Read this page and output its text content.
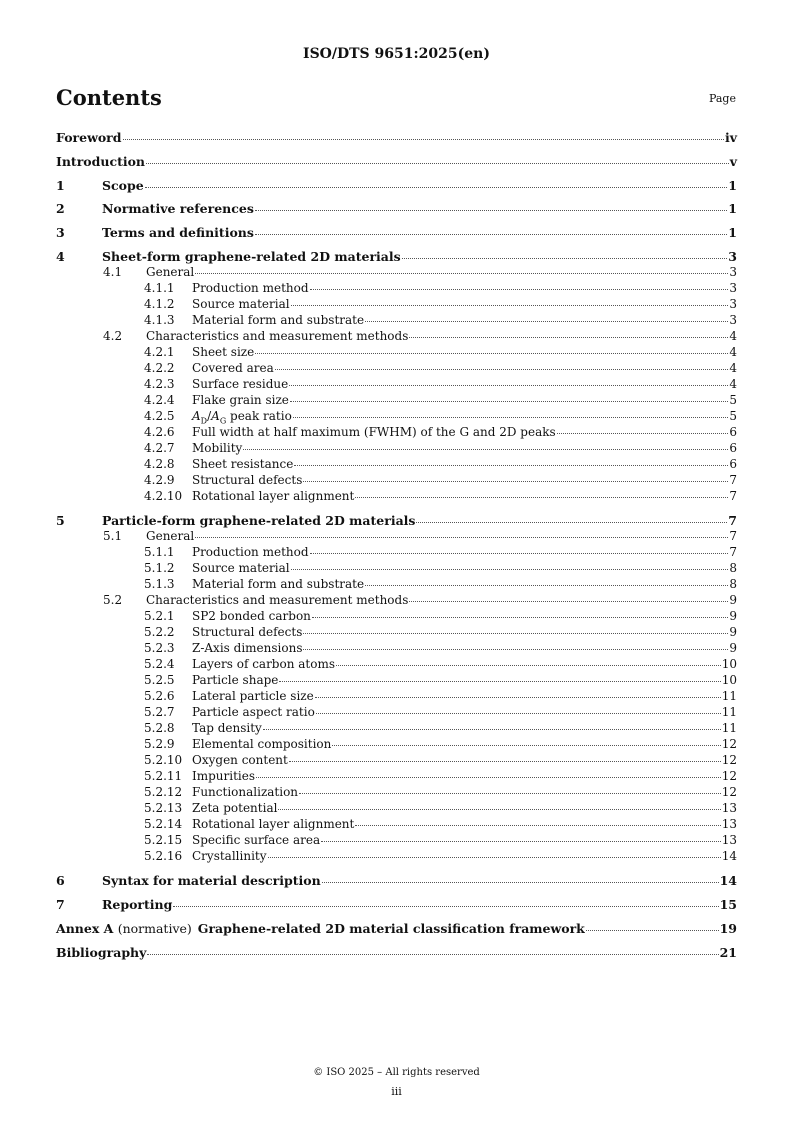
ISO/DTS 9651:2025(en)
Contents	Page
Foreword	iv
Introduction	v
1	Scope	1
2	Normative references	1
3	Terms and definitions	1
4	Sheet-form graphene-related 2D materials	3
4.1	General	3
4.1.1	Production method	3
4.1.2	Source material	3
4.1.3	Material form and substrate	3
4.2	Characteristics and measurement methods	4
4.2.1	Sheet size	4
4.2.2	Covered area	4
4.2.3	Surface residue	4
4.2.4	Flake grain size	5
4.2.5	$A_D/A_G$ peak ratio	5
4.2.6	Full width at half maximum (FWHM) of the G and 2D peaks	6
4.2.7	Mobility	6
4.2.8	Sheet resistance	6
4.2.9	Structural defects	7
4.2.10 Rotational layer alignment	7
5	Particle-form graphene-related 2D materials	7
5.1	General	7
5.1.1	Production method	7
5.1.2	Source material	8
5.1.3	Material form and substrate	8
5.2	Characteristics and measurement methods	9
5.2.1	SP2 bonded carbon	9
5.2.2	Structural defects	9
5.2.3	Z-Axis dimensions	9
5.2.4	Layers of carbon atoms	10
5.2.5	Particle shape	10
5.2.6	Lateral particle size	11
5.2.7	Particle aspect ratio	11
5.2.8	Tap density	11
5.2.9	Elemental composition	12
5.2.10 Oxygen content	12
5.2.11 Impurities	12
5.2.12 Functionalization	12
5.2.13 Zeta potential	13
5.2.14 Rotational layer alignment	13
5.2.15 Specific surface area	13
5.2.16 Crystallinity	14
6	Syntax for material description	14
7	Reporting	15
Annex A (normative) Graphene-related 2D material classification framework	19
Bibliography	21
© ISO 2025 – All rights reserved
iii
